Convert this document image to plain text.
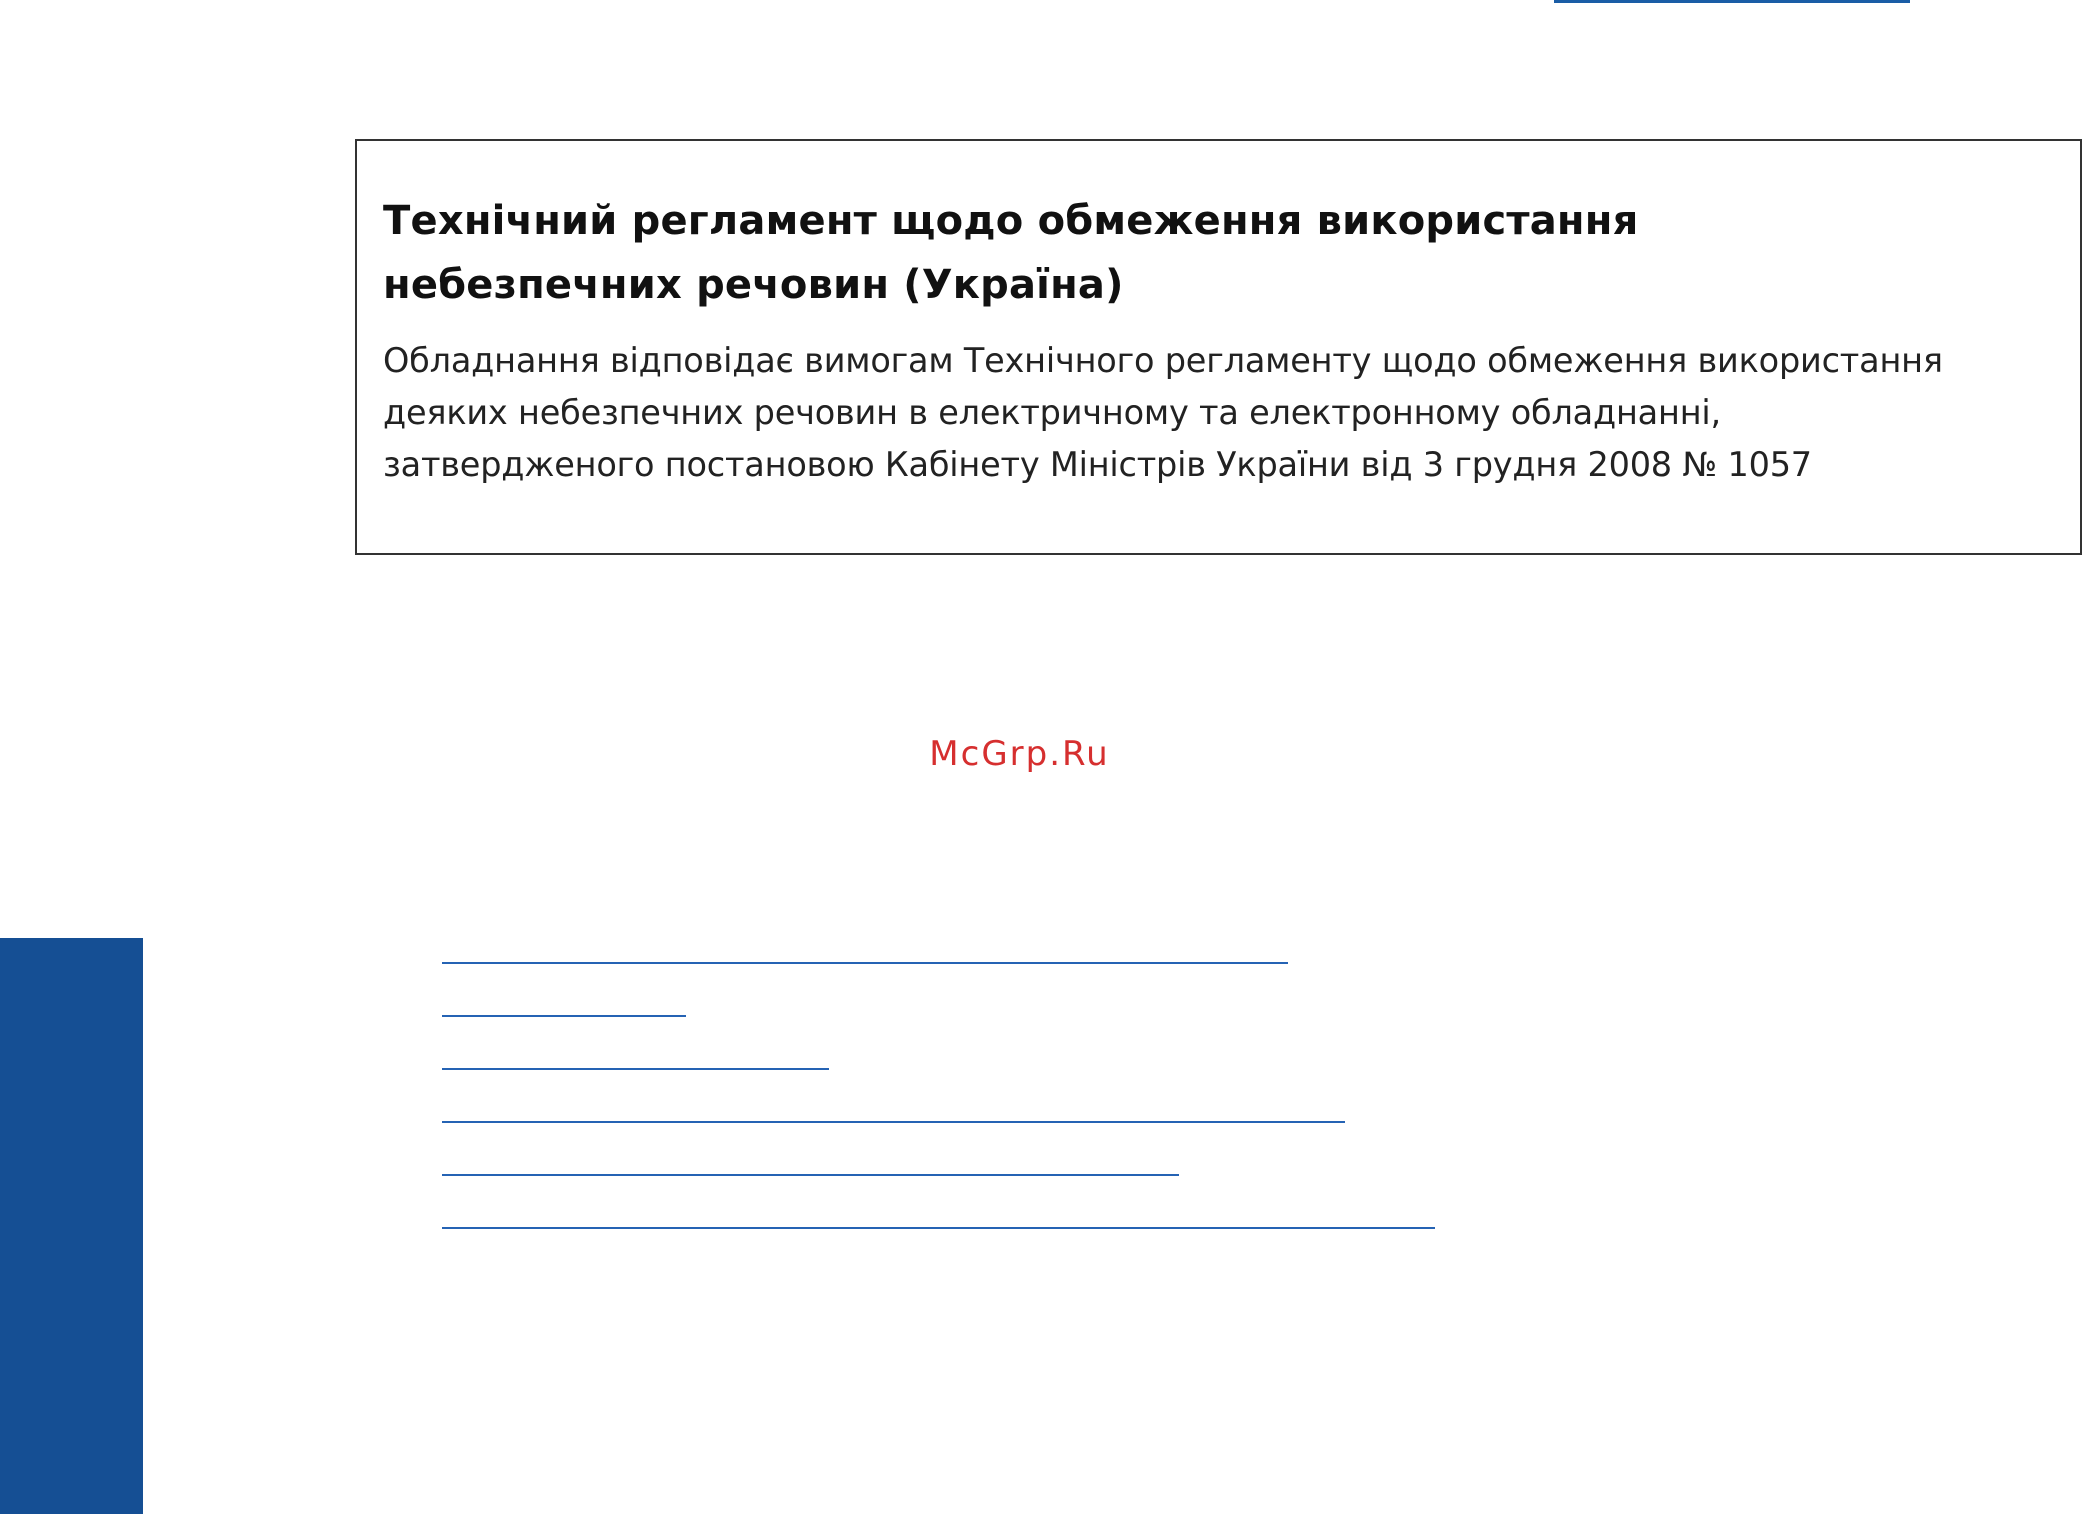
Технічний регламент щодо обмеження використання
небезпечних речовин (Україна)

Обладнання відповідає вимогам Технічного регламенту щодо обмеження використання
деяких небезпечних речовин в електричному та електронному обладнанні,
затвердженого постановою Кабінету Міністрів України від 3 грудня 2008 № 1057

McGrp.Ru
